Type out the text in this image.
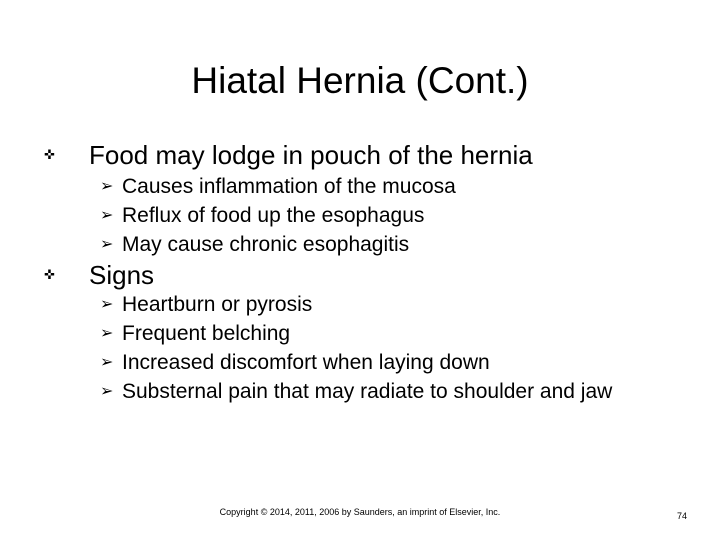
Hiatal Hernia (Cont.)
✜ Food may lodge in pouch of the hernia
➢ Causes inflammation of the mucosa
➢ Reflux of food up the esophagus
➢ May cause chronic esophagitis
✜ Signs
➢ Heartburn or pyrosis
➢ Frequent belching
➢ Increased discomfort when laying down
➢ Substernal pain that may radiate to shoulder and jaw
Copyright © 2014, 2011, 2006 by Saunders, an imprint of Elsevier, Inc.	74
